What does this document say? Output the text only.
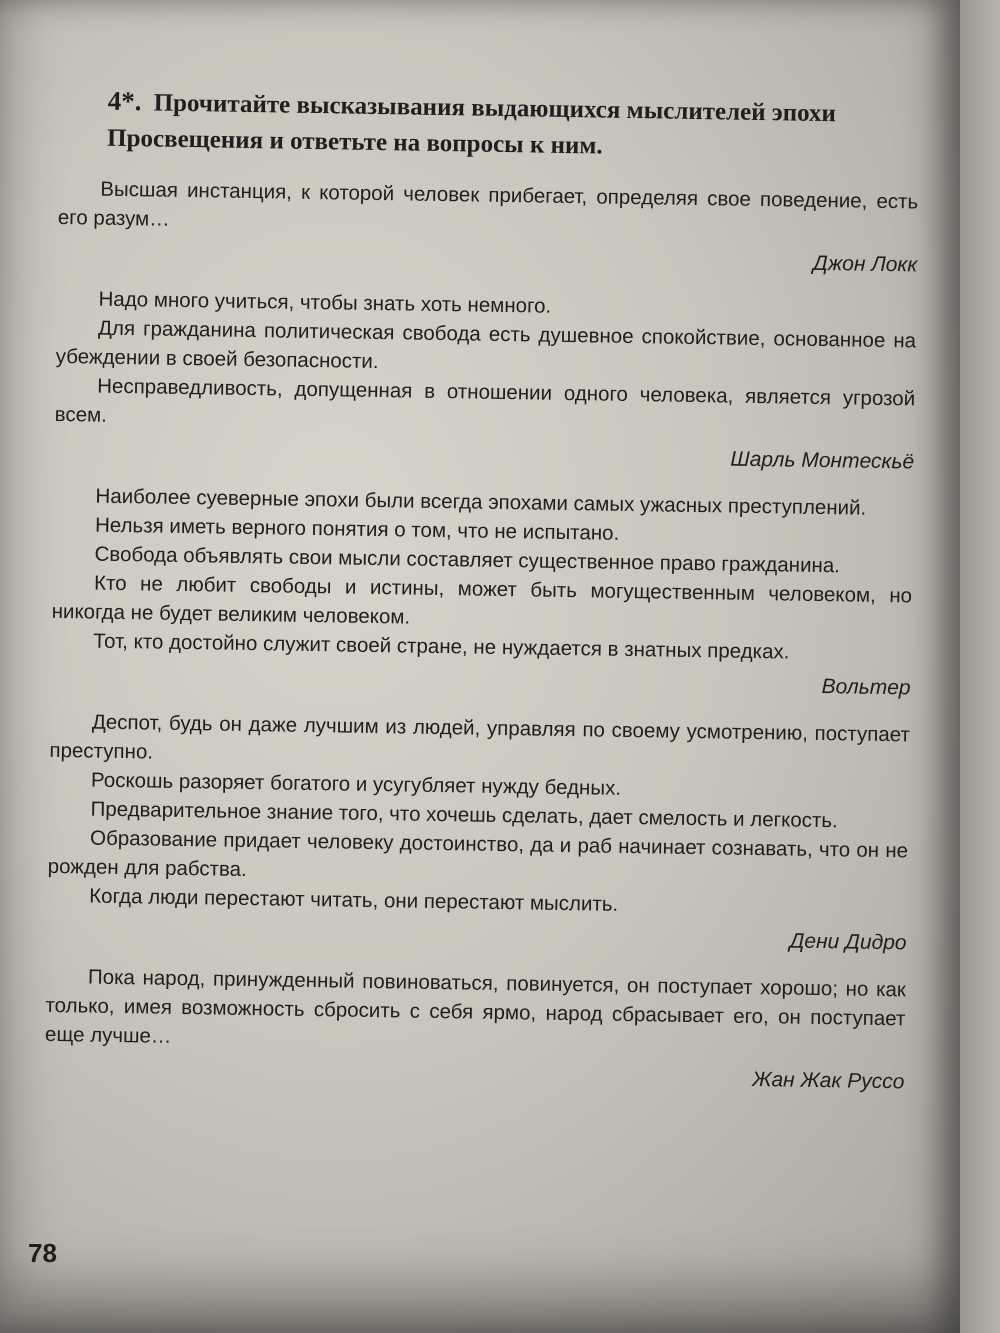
4*. Прочитайте высказывания выдающихся мыслителей эпохи Просвещения и ответьте на вопросы к ним.

Высшая инстанция, к которой человек прибегает, определяя свое поведение, есть его разум…

Джон Локк

Надо много учиться, чтобы знать хоть немного.

Для гражданина политическая свобода есть душевное спокойствие, основанное на убеждении в своей безопасности.

Несправедливость, допущенная в отношении одного человека, является угрозой всем.

Шарль Монтескьё

Наиболее суеверные эпохи были всегда эпохами самых ужасных преступлений.

Нельзя иметь верного понятия о том, что не испытано.

Свобода объявлять свои мысли составляет существенное право гражданина.

Кто не любит свободы и истины, может быть могущественным человеком, но никогда не будет великим человеком.

Тот, кто достойно служит своей стране, не нуждается в знатных предках.

Вольтер

Деспот, будь он даже лучшим из людей, управляя по своему усмотрению, поступает преступно.

Роскошь разоряет богатого и усугубляет нужду бедных.

Предварительное знание того, что хочешь сделать, дает смелость и легкость.

Образование придает человеку достоинство, да и раб начинает сознавать, что он не рожден для рабства.

Когда люди перестают читать, они перестают мыслить.

Дени Дидро

Пока народ, принужденный повиноваться, повинуется, он поступает хорошо; но как только, имея возможность сбросить с себя ярмо, народ сбрасывает его, он поступает еще лучше…

Жан Жак Руссо
78
